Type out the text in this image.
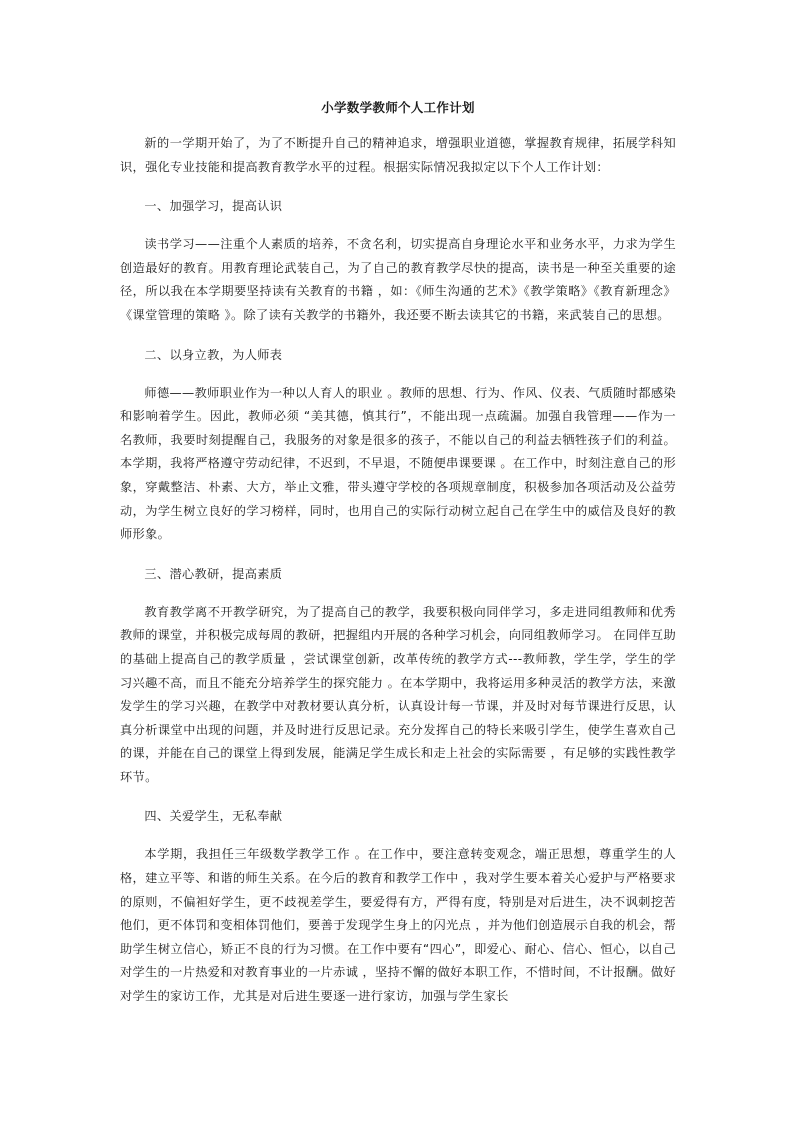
小学数学教师个人工作计划

新的一学期开始了，为了不断提升自己的精神追求，增强职业道德，掌握教育规律，拓展学科知识，强化专业技能和提高教育教学水平的过程。根据实际情况我拟定以下个人工作计划：

一、加强学习，提高认识

读书学习——注重个人素质的培养，不贪名利，切实提高自身理论水平和业务水平，力求为学生创造最好的教育。用教育理论武装自己，为了自己的教育教学尽快的提高，读书是一种至关重要的途径，所以我在本学期要坚持读有关教育的书籍 ，如：《师生沟通的艺术》《教学策略》《教育新理念》《课堂管理的策略 》。除了读有关教学的书籍外，我还要不断去读其它的书籍，来武装自己的思想。

二、以身立教，为人师表

师德——教师职业作为一种以人育人的职业 。教师的思想、行为、作风、仪表、气质随时都感染和影响着学生。因此，教师必须 “美其德，慎其行”，不能出现一点疏漏。加强自我管理——作为一名教师，我要时刻提醒自己，我服务的对象是很多的孩子，不能以自己的利益去牺牲孩子们的利益。本学期，我将严格遵守劳动纪律，不迟到，不早退，不随便串课要课 。在工作中，时刻注意自己的形象，穿戴整洁、朴素、大方，举止文雅，带头遵守学校的各项规章制度，积极参加各项活动及公益劳动，为学生树立良好的学习榜样，同时，也用自己的实际行动树立起自己在学生中的威信及良好的教师形象。

三、潜心教研，提高素质

教育教学离不开教学研究，为了提高自己的教学，我要积极向同伴学习，多走进同组教师和优秀教师的课堂，并积极完成每周的教研，把握组内开展的各种学习机会，向同组教师学习。 在同伴互助的基础上提高自己的教学质量 ，尝试课堂创新，改革传统的教学方式---教师教，学生学，学生的学习兴趣不高，而且不能充分培养学生的探究能力 。在本学期中，我将运用多种灵活的教学方法，来激发学生的学习兴趣，在教学中对教材要认真分析，认真设计每一节课，并及时对每节课进行反思，认真分析课堂中出现的问题，并及时进行反思记录。充分发挥自己的特长来吸引学生，使学生喜欢自己的课，并能在自己的课堂上得到发展，能满足学生成长和走上社会的实际需要 ，有足够的实践性教学环节。

四、关爱学生，无私奉献

本学期，我担任三年级数学教学工作 。在工作中，要注意转变观念，端正思想，尊重学生的人格，建立平等、和谐的师生关系。在今后的教育和教学工作中 ，我对学生要本着关心爱护与严格要求的原则，不偏袒好学生，更不歧视差学生，要爱得有方，严得有度，特别是对后进生，决不讽刺挖苦他们，更不体罚和变相体罚他们，要善于发现学生身上的闪光点 ，并为他们创造展示自我的机会，帮助学生树立信心，矫正不良的行为习惯。在工作中要有“四心”，即爱心、耐心、信心、恒心，以自己对学生的一片热爱和对教育事业的一片赤诚 ，坚持不懈的做好本职工作，不惜时间，不计报酬。做好对学生的家访工作，尤其是对后进生要逐一进行家访，加强与学生家长
